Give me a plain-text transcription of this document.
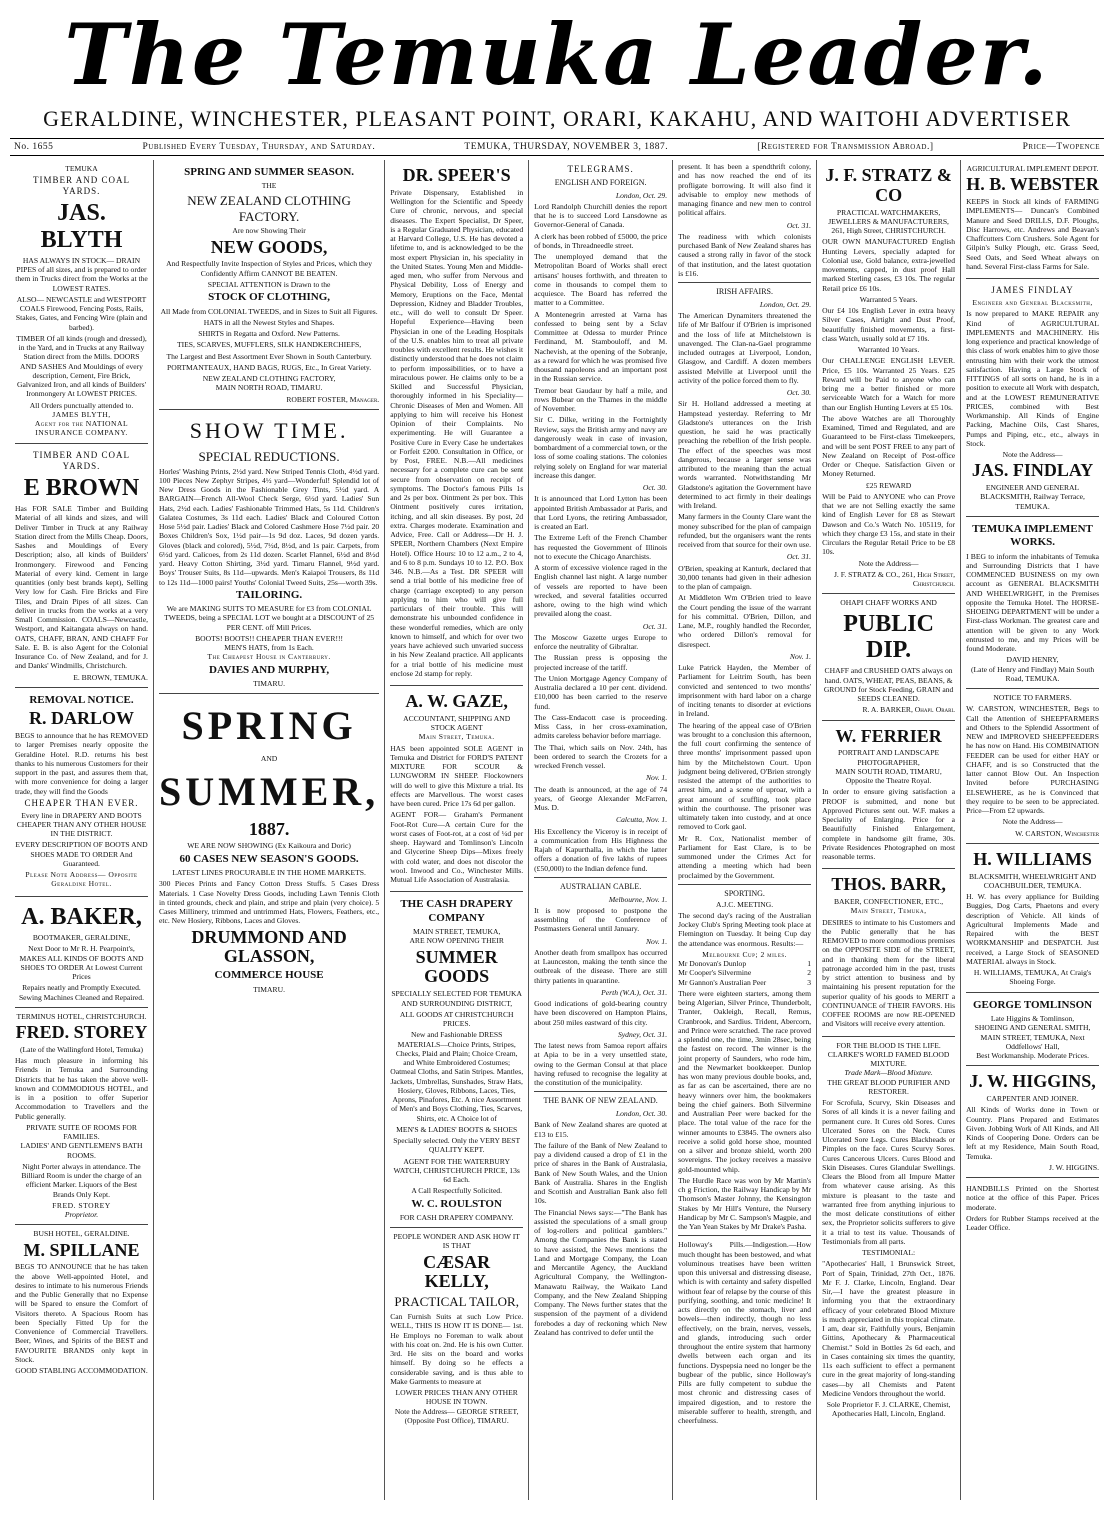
The Temuka Leader.
GERALDINE, WINCHESTER, PLEASANT POINT, ORARI, KAKAHU, AND WAITOHI ADVERTISER
No. 1655	Published Every Tuesday, Thursday, and Saturday.	TEMUKA, THURSDAY, NOVEMBER 3, 1887.	[Registered for Transmission Abroad.]	Price—Twopence
TEMUKA
TIMBER AND COAL YARDS.
JAS. BLYTH

HAS ALWAYS IN STOCK— DRAIN PIPES of all sizes, and is prepared to order them in Trucks direct from the Works at the LOWEST RATES.

ALSO— NEWCASTLE and WESTPORT COALS Firewood, Fencing Posts, Rails, Stakes, Gates, and Fencing Wire (plain and barbed).

TIMBER Of all kinds (rough and dressed), in the Yard, and in Trucks at any Railway Station direct from the Mills. DOORS AND SASHES And Mouldings of every description, Cement, Fire Brick, Galvanized Iron, and all kinds of Builders' Ironmongery At LOWEST PRICES.

All Orders punctually attended to.
JAMES BLYTH,
Agent for the NATIONAL INSURANCE COMPANY.
TIMBER AND COAL YARDS.
E BROWN

Has FOR SALE Timber and Building Material of all kinds and sizes, and will Deliver Timber in Truck at any Railway Station direct from the Mills Cheap. Doors, Sashes and Mouldings of Every Description; also, all kinds of Builders' Ironmongery. Firewood and Fencing Material of every kind. Cement in large quantities (only best brands kept), Selling Very low for Cash. Fire Bricks and Fire Tiles, and Drain Pipes of all sizes. Can deliver in trucks from the works at a very Small Commission. COALS—Newcastle, Westport, and Kaitangata always on hand. OATS, CHAFF, BRAN, AND CHAFF For Sale. E. B. is also Agent for the Colonial Insurance Co. of New Zealand, and for J. and Danks' Windmills, Christchurch.

E. BROWN, TEMUKA.
REMOVAL NOTICE.
R. DARLOW

BEGS to announce that he has REMOVED to larger Premises nearly opposite the Geraldine Hotel. R.D. returns his best thanks to his numerous Customers for their support in the past, and assures them that, with more convenience for doing a larger trade, they will find the Goods

CHEAPER THAN EVER.

Every line in DRAPERY AND BOOTS CHEAPER THAN ANY OTHER HOUSE IN THE DISTRICT.

EVERY DESCRIPTION OF BOOTS AND SHOES MADE TO ORDER And Guaranteed.

Please Note Address— Opposite Geraldine Hotel.

A. BAKER,
BOOTMAKER, GERALDINE,

Next Door to Mr R. H. Pearpoint's, MAKES ALL KINDS OF BOOTS AND SHOES TO ORDER At Lowest Current Prices

Repairs neatly and Promptly Executed.
Sewing Machines Cleaned and Repaired.
TERMINUS HOTEL, CHRISTCHURCH.
FRED. STOREY
(Late of the Wallingford Hotel, Temuka)

Has much pleasure in informing his Friends in Temuka and Surrounding Districts that he has taken the above well-known and COMMODIOUS HOTEL, and is in a position to offer Superior Accommodation to Travellers and the Public generally.

PRIVATE SUITE OF ROOMS FOR FAMILIES.
LADIES' AND GENTLEMEN'S BATH ROOMS.

Night Porter always in attendance. The Billiard Room is under the charge of an efficient Marker. Liquors of the Best Brands Only Kept.

FRED. STOREY
Proprietor.
BUSH HOTEL, GERALDINE.
M. SPILLANE

BEGS TO ANNOUNCE that he has taken the above Well-appointed Hotel, and desires to intimate to his numerous Friends and the Public Generally that no Expense will be Spared to ensure the Comfort of Visitors thereto. A Spacious Room has been Specially Fitted Up for the Convenience of Commercial Travellers. Beer, Wines, and Spirits of the BEST and FAVOURITE BRANDS only kept in Stock.

GOOD STABLING ACCOMMODATION.
SPRING AND SUMMER SEASON.
THE
NEW ZEALAND CLOTHING FACTORY.
Are now Showing Their
NEW GOODS,

And Respectfully Invite Inspection of Styles and Prices, which they Confidently Affirm CANNOT BE BEATEN.

SPECIAL ATTENTION is Drawn to the
STOCK OF CLOTHING,

All Made from COLONIAL TWEEDS, and in Sizes to Suit all Figures.

HATS in all the Newest Styles and Shapes.

SHIRTS in Regatta and Oxford. New Patterns.

TIES, SCARVES, MUFFLERS, SILK HANDKERCHIEFS,

The Largest and Best Assortment Ever Shown in South Canterbury.

PORTMANTEAUX, HAND BAGS, RUGS, Etc., In Great Variety.

NEW ZEALAND CLOTHING FACTORY,
MAIN NORTH ROAD, TIMARU.
ROBERT FOSTER, Manager.
SHOW TIME.
SPECIAL REDUCTIONS.

Horles' Washing Prints, 2½d yard. New Striped Tennis Cloth, 4½d yard. 100 Pieces New Zephyr Stripes, 4½ yard—Wonderful! Splendid lot of New Dress Goods in the Fashionable Grey Tints, 5½d yard. A BARGAIN—French All-Wool Check Serge, 6½d yard. Ladies' Sun Hats, 2½d each. Ladies' Fashionable Trimmed Hats, 5s 11d. Children's Galatea Costumes, 3s 11d each. Ladies' Black and Coloured Cotton Hose 5½d pair. Ladies' Black and Colored Cashmere Hose 7½d pair. 20 Boxes Children's Sox, 1½d pair—1s 9d doz. Laces, 9d dozen yards. Gloves (black and colored), 5½d, 7½d, 8½d, and 1s pair. Carpets, from 6½d yard. Calicoes, from 2s 11d dozen. Scarlet Flannel, 6½d and 8½d yard. Heavy Cotton Shirting, 3½d yard. Timaru Flannel, 9½d yard. Boys' Trouser Suits, 8s 11d—upwards. Men's Kaiapoi Trousers, 8s 11d to 12s 11d—1000 pairs! Youths' Colonial Tweed Suits, 25s—worth 39s.

TAILORING.

We are MAKING SUITS TO MEASURE for £3 from COLONIAL TWEEDS, being a SPECIAL LOT we bought at a DISCOUNT of 25 PER CENT. off Mill Prices.

BOOTS! BOOTS!! CHEAPER THAN EVER!!!
MEN'S HATS, from 1s Each.
The Cheapest House in Canterbury.
DAVIES AND MURPHY,
TIMARU.
SPRING
AND
SUMMER,
1887.

WE ARE NOW SHOWING (Ex Kaikoura and Doric)

60 CASES NEW SEASON'S GOODS.

LATEST LINES PROCURABLE IN THE HOME MARKETS.

300 Pieces Prints and Fancy Cotton Dress Stuffs. 5 Cases Dress Materials. 1 Case Novelty Dress Goods, including Lawn Tennis Cloth in tinted grounds, check and plain, and stripe and plain (very choice). 5 Cases Millinery, trimmed and untrimmed Hats, Flowers, Feathers, etc., etc. New Hosiery, Ribbons, Laces and Gloves.

DRUMMOND AND GLASSON,
COMMERCE HOUSE
TIMARU.
DR. SPEER'S

Private Dispensary, Established in Wellington for the Scientific and Speedy Cure of chronic, nervous, and special diseases. The Expert Specialist, Dr Speer, is a Regular Graduated Physician, educated at Harvard College, U.S. He has devoted a lifetime to, and is acknowledged to be the most expert Physician in, his speciality in the United States. Young Men and Middle-aged men, who suffer from Nervous and Physical Debility, Loss of Energy and Memory, Eruptions on the Face, Mental Depression, Kidney and Bladder Troubles, etc., will do well to consult Dr Speer. Hopeful Experience—Having been Physician in one of the Leading Hospitals of the U.S. enables him to treat all private troubles with excellent results. He wishes it distinctly understood that he does not claim to perform impossibilities, or to have a miraculous power. He claims only to be a Skilled and Successful Physician, thoroughly informed in his Speciality—Chronic Diseases of Men and Women. All applying to him will receive his Honest Opinion of their Complaints. No experimenting. He will Guarantee a Positive Cure in Every Case he undertakes or Forfeit £200. Consultation in Office, or by Post, FREE. N.B.—All medicines necessary for a complete cure can be sent secure from observation on receipt of symptoms. The Doctor's famous Pills 1s and 2s per box. Ointment 2s per box. This Ointment positively cures irritation, itching, and all skin diseases. By post, 2d extra. Charges moderate. Examination and Advice, Free. Call or Address—Dr H. J. SPEER, Northern Chambers (Next Empire Hotel). Office Hours: 10 to 12 a.m., 2 to 4, and 6 to 8 p.m. Sundays 10 to 12. P.O. Box 346. N.B.—As a Test. DR SPEER will send a trial bottle of his medicine free of charge (carriage excepted) to any person applying to him who will give full particulars of their trouble. This will demonstrate his unbounded confidence in these wonderful remedies, which are only known to himself, and which for over two years have achieved such unvaried success in his New Zealand practice. All applicants for a trial bottle of his medicine must enclose 2d stamp for reply.

A. W. GAZE,
ACCOUNTANT, SHIPPING AND STOCK AGENT
Main Street, Temuka.

HAS been appointed SOLE AGENT in Temuka and District for FORD'S PATENT MIXTURE FOR SCOUR & LUNGWORM IN SHEEP. Flockowners will do well to give this Mixture a trial. Its effects are Marvellous. The worst cases have been cured. Price 17s 6d per gallon.

AGENT FOR— Graham's Permanent Foot-Rot Cure—A certain Cure for the worst cases of Foot-rot, at a cost of ¼d per sheep. Hayward and Tomlinson's Lincoln and Glycerine Sheep Dips—Mixes freely with cold water, and does not discolor the wool. Inwood and Co., Winchester Mills. Mutual Life Association of Australasia.

THE CASH DRAPERY COMPANY
MAIN STREET, TEMUKA,
ARE NOW OPENING THEIR
SUMMER GOODS

SPECIALLY SELECTED FOR TEMUKA AND SURROUNDING DISTRICT,

ALL GOODS AT CHRISTCHURCH PRICES.

New and Fashionable DRESS MATERIALS—Choice Prints, Stripes, Checks, Plaid and Plain; Choice Cream, and White Embroidered Costumes; Oatmeal Cloths, and Satin Stripes. Mantles, Jackets, Umbrellas, Sunshades, Straw Hats, Hosiery, Gloves, Ribbons, Laces, Ties, Aprons, Pinafores, Etc. A nice Assortment of Men's and Boys Clothing, Ties, Scarves, Shirts, etc. A Choice lot of

MEN'S & LADIES' BOOTS & SHOES

Specially selected. Only the VERY BEST QUALITY KEPT.

AGENT FOR THE WATERBURY WATCH, CHRISTCHURCH PRICE, 13s 6d Each.

A Call Respectfully Solicited.
W. C. ROULSTON
FOR CASH DRAPERY COMPANY.
PEOPLE WONDER AND ASK HOW IT IS THAT
CÆSAR KELLY,
PRACTICAL TAILOR,

Can Furnish Suits at such Low Price. WELL, THIS IS HOW IT IS DONE— 1st. He Employs no Foreman to walk about with his coat on. 2nd. He is his own Cutter. 3rd. He sits on the board and works himself. By doing so he effects a considerable saving, and is thus able to Make Garments to measure at

LOWER PRICES THAN ANY OTHER HOUSE IN TOWN.
Note the Address— GEORGE STREET, (Opposite Post Office), TIMARU.
TELEGRAMS.
ENGLISH AND FOREIGN.
London, Oct. 29.

Lord Randolph Churchill denies the report that he is to succeed Lord Lansdowne as Governor-General of Canada.

A clerk has been robbed of £5000, the price of bonds, in Threadneedle street.

The unemployed demand that the Metropolitan Board of Works shall erect artisans' houses forthwith, and threaten to come in thousands to compel them to acquiesce. The Board has referred the matter to a Committee.

A Montenegrin arrested at Varna has confessed to being sent by a Sclav Committee at Odessa to murder Prince Ferdinand, M. Stambouloff, and M. Nachevish, at the opening of the Sobranje, as a reward for which he was promised five thousand napoleons and an important post in the Russian service.

Tremor beat Gaudaur by half a mile, and rows Bubear on the Thames in the middle of November.

Sir C. Dilke, writing in the Fortnightly Review, says the British army and navy are dangerously weak in case of invasion, bombardment of a commercial town, or the loss of some coaling stations. The colonies relying solely on England for war material increase this danger.

Oct. 30.

It is announced that Lord Lytton has been appointed British Ambassador at Paris, and that Lord Lyons, the retiring Ambassador, is created an Earl.

The Extreme Left of the French Chamber has requested the Government of Illinois not to execute the Chicago Anarchists.

A storm of excessive violence raged in the English channel last night. A large number of vessels are reported to have been wrecked, and several fatalities occurred ashore, owing to the high wind which prevailed along the coast.

Oct. 31.

The Moscow Gazette urges Europe to enforce the neutrality of Gibraltar.

The Russian press is opposing the projected increase of the tariff.

The Union Mortgage Agency Company of Australia declared a 10 per cent. dividend. £10,000 has been carried to the reserve fund.

The Cass-Endacott case is proceeding. Miss Cass, in her cross-examination, admits careless behavior before marriage.

The Thai, which sails on Nov. 24th, has been ordered to search the Crozets for a wrecked French vessel.

Nov. 1.

The death is announced, at the age of 74 years, of George Alexander McFarren, Mus. D.

Calcutta, Nov. 1.

His Excellency the Viceroy is in receipt of a communication from His Highness the Rajah of Kapurthalla, in which the latter offers a donation of five lakhs of rupees (£50,000) to the Indian defence fund.

AUSTRALIAN CABLE.
Melbourne, Nov. 1.

It is now proposed to postpone the assembling of the Conference of Postmasters General until January.

Nov. 1.

Another death from smallpox has occurred at Launceston, making the tenth since the outbreak of the disease. There are still thirty patients in quarantine.

Perth (W.A.), Oct. 31.

Good indications of gold-bearing country have been discovered on Hampton Plains, about 250 miles eastward of this city.

Sydney, Oct. 31.

The latest news from Samoa report affairs at Apia to be in a very unsettled state, owing to the German Consul at that place having refused to recognise the legality at the constitution of the municipality.

THE BANK OF NEW ZEALAND.
London, Oct. 30.

Bank of New Zealand shares are quoted at £13 to £15.

The failure of the Bank of New Zealand to pay a dividend caused a drop of £1 in the price of shares in the Bank of Australasia, Bank of New South Wales, and the Union Bank of Australia. Shares in the English and Scottish and Australian Bank also fell 10s.

The Financial News says:—"The Bank has assisted the speculations of a small group of log-rollers and political gamblers." Among the Companies the Bank is stated to have assisted, the News mentions the Land and Mortgage Company, the Loan and Mercantile Agency, the Auckland Agricultural Company, the Wellington-Manawatu Railway, the Waikato Land Company, and the New Zealand Shipping Company. The News further states that the suspension of the payment of a dividend forebodes a day of reckoning which New Zealand has contrived to defer until the

present. It has been a spendthrift colony, and has now reached the end of its profligate borrowing. It will also find it advisable to employ new methods of managing finance and new men to control political affairs.

Oct. 31.

The readiness with which colonists purchased Bank of New Zealand shares has caused a strong rally in favor of the stock of that institution, and the latest quotation is £16.

IRISH AFFAIRS.
London, Oct. 29.

The American Dynamiters threatened the life of Mr Balfour if O'Brien is imprisoned and the loss of life at Mitchelstown is unavenged. The Clan-na-Gael programme included outrages at Liverpool, London, Glasgow, and Cardiff. A dozen members assisted Melville at Liverpool until the activity of the police forced them to fly.

Oct. 30.

Sir H. Holland addressed a meeting at Hampstead yesterday. Referring to Mr Gladstone's utterances on the Irish question, he said he was practically preaching the rebellion of the Irish people. The effect of the speeches was most dangerous, because a larger sense was attributed to the meaning than the actual words warranted. Notwithstanding Mr Gladstone's agitation the Government have determined to act firmly in their dealings with Ireland.

Many farmers in the County Clare want the money subscribed for the plan of campaign refunded, but the organisers want the rents received from that source for their own use.

Oct. 31.

O'Brien, speaking at Kanturk, declared that 30,000 tenants had given in their adhesion to the plan of campaign.

At Middleton Wm O'Brien tried to leave the Court pending the issue of the warrant for his committal. O'Brien, Dillon, and Lane, M.P., roughly handled the Recorder, who ordered Dillon's removal for disrespect.

Nov. 1.

Luke Patrick Hayden, the Member of Parliament for Leitrim South, has been convicted and sentenced to two months' imprisonment with hard labor on a charge of inciting tenants to disorder at evictions in Ireland.

The hearing of the appeal case of O'Brien was brought to a conclusion this afternoon, the full court confirming the sentence of three months' imprisonment passed upon him by the Mitchelstown Court. Upon judgment being delivered, O'Brien strongly resisted the attempt of the authorities to arrest him, and a scene of uproar, with a great amount of scuffling, took place within the courthouse. The prisoner was ultimately taken into custody, and at once removed to Cork gaol.

Mr R. Cox, Nationalist member of Parliament for East Clare, is to be summoned under the Crimes Act for attending a meeting which had been proclaimed by the Government.

SPORTING.
A.J.C. MEETING.

The second day's racing of the Australian Jockey Club's Spring Meeting took place at Flemington on Tuesday. It being Cup day the attendance was enormous. Results:—

Melbourne Cup; 2 miles.
Mr Donovan's Dunlop	1
Mr Cooper's Silvermine	2
Mr Gannon's Australian Peer	3

There were eighteen starters, among them being Algerian, Silver Prince, Thunderbolt, Tranter, Oakleigh, Recall, Remus, Cranbrook, and Sardius. Trident, Abercorn, and Prince were scratched. The race proved a splendid one, the time, 3min 28sec, being the fastest on record. The winner is the joint property of Saunders, who rode him, and the Newmarket bookkeeper. Dunlop has won many previous double books, and, as far as can be ascertained, there are no heavy winners over him, the bookmakers being the chief gainers. Both Silvermine and Australian Peer were backed for the place. The total value of the race for the winner amounts to £3845. The owners also receive a solid gold horse shoe, mounted on a silver and bronze shield, worth 200 sovereigns. The jockey receives a massive gold-mounted whip.

The Hurdle Race was won by Mr Martin's ch g Friction, the Railway Handicap by Mr Thomson's Master Johnny, the Kensington Stakes by Mr Hill's Venture, the Nursery Handicap by Mr C. Sampson's Magpie, and the Yan Yean Stakes by Mr Drake's Pasha.

Holloway's Pills.—Indigestion.—How much thought has been bestowed, and what voluminous treatises have been written upon this universal and distressing disease, which is with certainty and safety dispelled without fear of relapse by the course of this purifying, soothing, and tonic medicine! It acts directly on the stomach, liver and bowels—then indirectly, though no less effectively, on the brain, nerves, vessels, and glands, introducing such order throughout the entire system that harmony dwells between each organ and its functions. Dyspepsia need no longer be the bugbear of the public, since Holloway's Pills are fully competent to subdue the most chronic and distressing cases of impaired digestion, and to restore the miserable sufferer to health, strength, and cheerfulness.

J. F. STRATZ & CO
PRACTICAL WATCHMAKERS, JEWELLERS & MANUFACTURERS,
261, High Street, CHRISTCHURCH.

OUR OWN MANUFACTURED English Hunting Levers, specially adapted for Colonial use, Gold balance, extra-jewelled movements, capped, in dust proof Hall marked Sterling cases, £3 10s. The regular Retail price £6 10s.

Warranted 5 Years.

Our £4 10s English Lever in extra heavy Silver Cases, Airtight and Dust Proof, beautifully finished movements, a first-class Watch, usually sold at £7 10s.

Warranted 10 Years.

Our CHALLENGE ENGLISH LEVER. Price, £5 10s. Warranted 25 Years. £25 Reward will be Paid to anyone who can bring me a better finished or more serviceable Watch for a Watch for more than our English Hunting Levers at £5 10s.

The above Watches are all Thoroughly Examined, Timed and Regulated, and are Guaranteed to be First-class Timekeepers, and will be sent POST FREE to any part of New Zealand on Receipt of Post-office Order or Cheque. Satisfaction Given or Money Returned.

£25 REWARD

Will be Paid to ANYONE who can Prove that we are not Selling exactly the same kind of English Lever for £8 as Stewart Dawson and Co.'s Watch No. 105119, for which they charge £3 15s, and state in their Circulars the Regular Retail Price to be £8 10s.

Note the Address—
J. F. STRATZ & CO., 261, High Street, Christchurch.
OHAPI CHAFF WORKS AND
PUBLIC DIP.

CHAFF and CRUSHED OATS always on hand. OATS, WHEAT, PEAS, BEANS, & GROUND for Stock Feeding, GRAIN and SEEDS CLEANED.

R. A. BARKER, Ohapi. Orari.
W. FERRIER
PORTRAIT AND LANDSCAPE PHOTOGRAPHER,
MAIN SOUTH ROAD, TIMARU, Opposite the Theatre Royal.

In order to ensure giving satisfaction a PROOF is submitted, and none but Approved Pictures sent out. W.F. makes a Speciality of Enlarging. Price for a Beautifully Finished Enlargement, complete in handsome gilt frame, 30s. Private Residences Photographed on most reasonable terms.

THOS. BARR,
BAKER, CONFECTIONER, ETC.,
Main Street, Temuka,

DESIRES to intimate to his Customers and the Public generally that he has REMOVED to more commodious premises on the OPPOSITE SIDE of the STREET, and in thanking them for the liberal patronage accorded him in the past, trusts by strict attention to business and by maintaining his present reputation for the superior quality of his goods to MERIT a CONTINUANCE of THEIR FAVORS. His COFFEE ROOMS are now RE-OPENED and Visitors will receive every attention.

FOR THE BLOOD IS THE LIFE.
CLARKE'S WORLD FAMED BLOOD MIXTURE.
Trade Mark—Blood Mixture.
THE GREAT BLOOD PURIFIER AND RESTORER.

For Scrofula, Scurvy, Skin Diseases and Sores of all kinds it is a never failing and permanent cure. It Cures old Sores. Cures Ulcerated Sores on the Neck. Cures Ulcerated Sore Legs. Cures Blackheads or Pimples on the face. Cures Scurvy Sores. Cures Cancerous Ulcers. Cures Blood and Skin Diseases. Cures Glandular Swellings. Clears the Blood from all Impure Matter from whatever cause arising. As this mixture is pleasant to the taste and warranted free from anything injurious to the most delicate constitutions of either sex, the Proprietor solicits sufferers to give it a trial to test its value. Thousands of Testimonials from all parts.

TESTIMONIAL:

"Apothecaries' Hall, 1 Brunswick Street, Port of Spain, Trinidad, 27th Oct., 1876. Mr F. J. Clarke, Lincoln, England. Dear Sir,—I have the greatest pleasure in informing you that the extraordinary efficacy of your celebrated Blood Mixture is much appreciated in this tropical climate. I am, dear sir, Faithfully yours, Benjamin Gittins, Apothecary & Pharmaceutical Chemist." Sold in Bottles 2s 6d each, and in Cases containing six times the quantity, 11s each sufficient to effect a permanent cure in the great majority of long-standing cases—by all Chemists and Patent Medicine Vendors throughout the world.

Sole Proprietor F. J. CLARKE, Chemist, Apothecaries Hall, Lincoln, England.

AGRICULTURAL IMPLEMENT DEPOT.
H. B. WEBSTER

KEEPS in Stock all kinds of FARMING IMPLEMENTS— Duncan's Combined Manure and Seed DRILLS, D.F. Ploughs, Disc Harrows, etc. Andrews and Beavan's Chaffcutters Corn Crushers. Sole Agent for Gilpin's Sulky Plough, etc. Grass Seed, Seed Oats, and Seed Wheat always on hand. Several First-class Farms for Sale.

JAMES FINDLAY
Engineer and General Blacksmith,

Is now prepared to MAKE REPAIR any Kind of AGRICULTURAL IMPLEMENTS and MACHINERY. His long experience and practical knowledge of this class of work enables him to give those entrusting him with their work the utmost satisfaction. Having a Large Stock of FITTINGS of all sorts on hand, he is in a position to execute all Work with despatch, and at the LOWEST REMUNERATIVE PRICES, combined with Best Workmanship. All Kinds of Engine Packing, Machine Oils, Cast Shares, Pumps and Piping, etc., etc., always in Stock.

Note the Address—
JAS. FINDLAY
ENGINEER AND GENERAL BLACKSMITH, Railway Terrace, TEMUKA.
TEMUKA IMPLEMENT WORKS.

I BEG to inform the inhabitants of Temuka and Surrounding Districts that I have COMMENCED BUSINESS on my own account as GENERAL BLACKSMITH AND WHEELWRIGHT, in the Premises opposite the Temuka Hotel. The HORSE-SHOEING DEPARTMENT will be under a First-class Workman. The greatest care and attention will be given to any Work entrusted to me, and my Prices will be found Moderate.

DAVID HENRY,
(Late of Henry and Findlay) Main South Road, TEMUKA.
NOTICE TO FARMERS.

W. CARSTON, WINCHESTER, Begs to Call the Attention of SHEEPFARMERS and Others to the Splendid Assortment of NEW and IMPROVED SHEEPFEEDERS he has now on Hand. His COMBINATION FEEDER can be used for either HAY or CHAFF, and is so Constructed that the latter cannot Blow Out. An Inspection Invited before PURCHASING ELSEWHERE, as he is Convinced that they require to be seen to be appreciated. Price—From £2 upwards.

Note the Address—
W. CARSTON, Winchester
H. WILLIAMS
BLACKSMITH, WHEELWRIGHT AND COACHBUILDER, TEMUKA.

H. W. has every appliance for Building Buggies, Dog Carts, Phaetons and every description of Vehicle. All kinds of Agricultural Implements Made and Repaired with the BEST WORKMANSHIP and DESPATCH. Just received, a Large Stock of SEASONED MATERIAL always in Stock.

H. WILLIAMS, TEMUKA, At Craig's Shoeing Forge.
GEORGE TOMLINSON
Late Higgins & Tomlinson,
SHOEING AND GENERAL SMITH,
MAIN STREET, TEMUKA, Next Oddfellows' Hall,
Best Workmanship. Moderate Prices.
J. W. HIGGINS,
CARPENTER AND JOINER.

All Kinds of Works done in Town or Country. Plans Prepared and Estimates Given. Jobbing Work of All Kinds, and All Kinds of Coopering Done. Orders can be left at my Residence, Main South Road, Temuka.

J. W. HIGGINS.

HANDBILLS Printed on the Shortest notice at the office of this Paper. Prices moderate.

Orders for Rubber Stamps received at the Leader Office.
